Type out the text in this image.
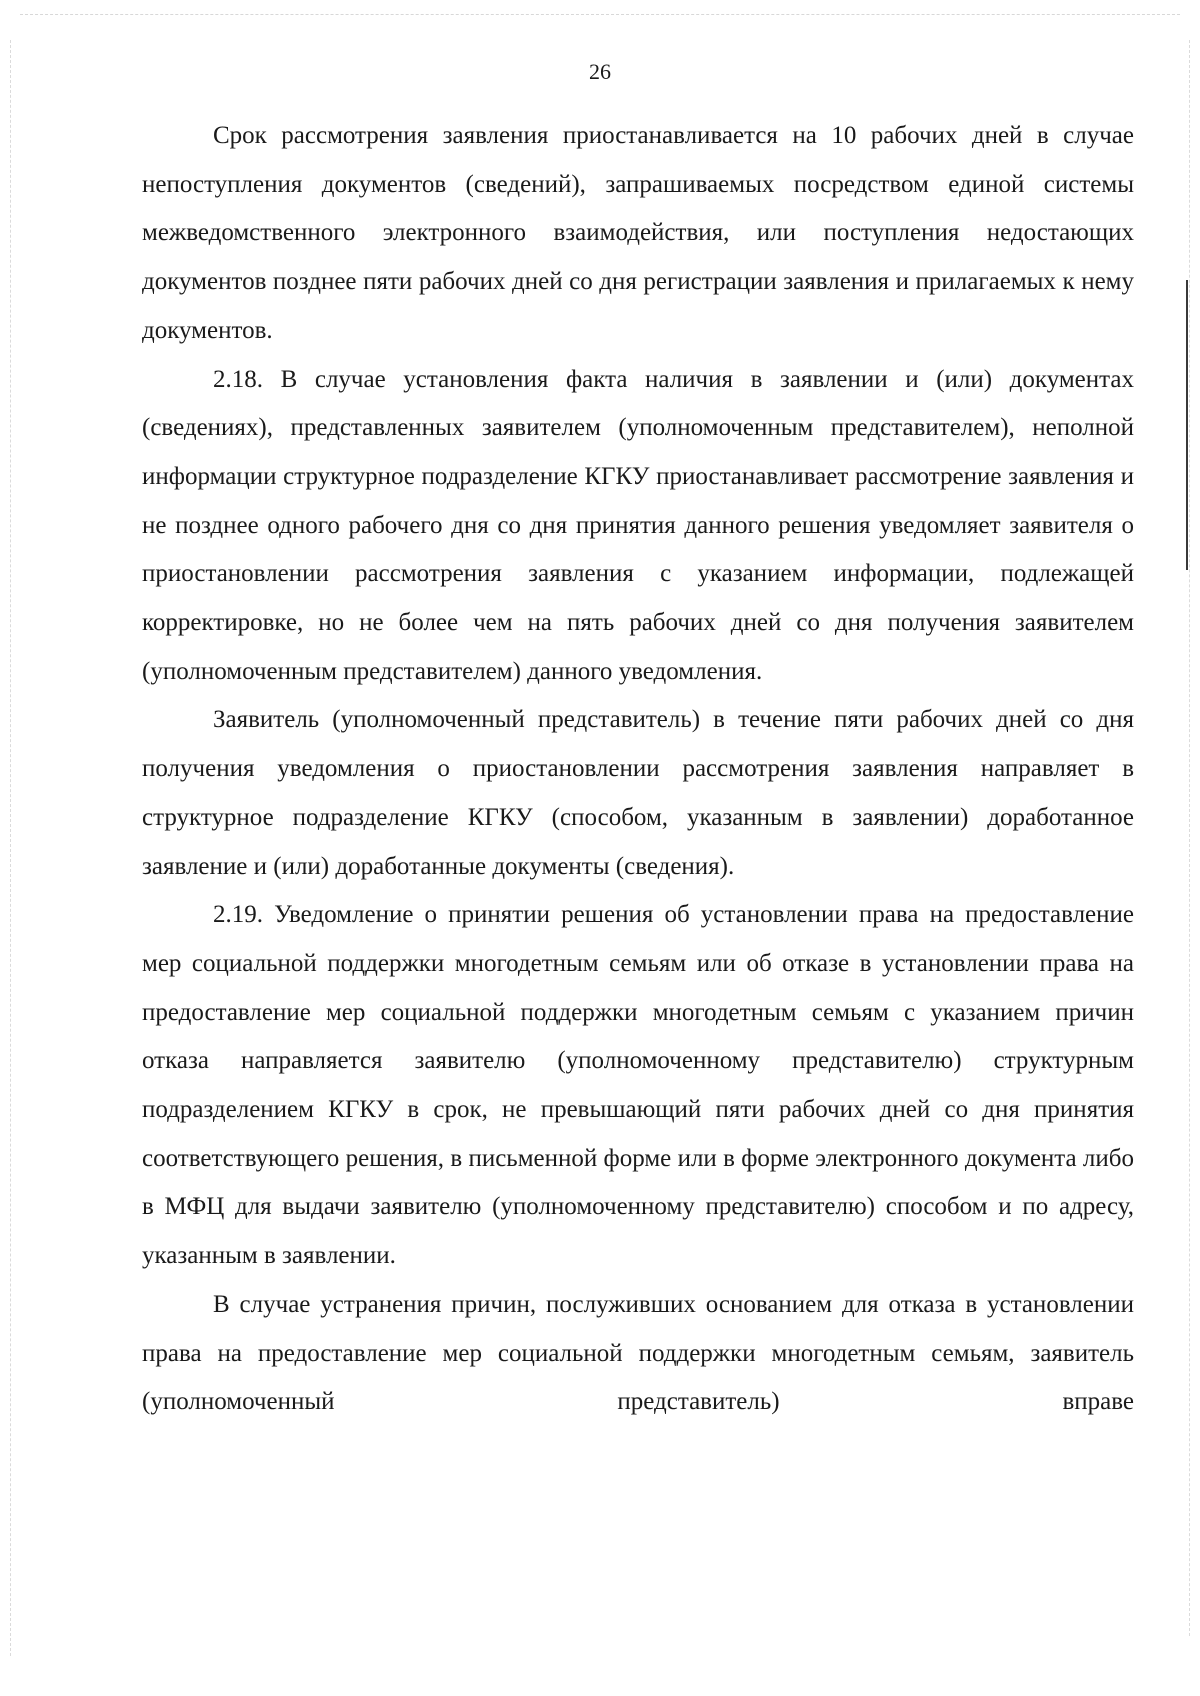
26

Срок рассмотрения заявления приостанавливается на 10 рабочих дней в случае непоступления документов (сведений), запрашиваемых посредством единой системы межведомственного электронного взаимодействия, или поступления недостающих документов позднее пяти рабочих дней со дня регистрации заявления и прилагаемых к нему документов.

2.18. В случае установления факта наличия в заявлении и (или) документах (сведениях), представленных заявителем (уполномоченным представителем), неполной информации структурное подразделение КГКУ приостанавливает рассмотрение заявления и не позднее одного рабочего дня со дня принятия данного решения уведомляет заявителя о приостановлении рассмотрения заявления с указанием информации, подлежащей корректировке, но не более чем на пять рабочих дней со дня получения заявителем (уполномоченным представителем) данного уведомления.

Заявитель (уполномоченный представитель) в течение пяти рабочих дней со дня получения уведомления о приостановлении рассмотрения заявления направляет в структурное подразделение КГКУ (способом, указанным в заявлении) доработанное заявление и (или) доработанные документы (сведения).

2.19. Уведомление о принятии решения об установлении права на предоставление мер социальной поддержки многодетным семьям или об отказе в установлении права на предоставление мер социальной поддержки многодетным семьям с указанием причин отказа направляется заявителю (уполномоченному представителю) структурным подразделением КГКУ в срок, не превышающий пяти рабочих дней со дня принятия соответствующего решения, в письменной форме или в форме электронного документа либо в МФЦ для выдачи заявителю (уполномоченному представителю) способом и по адресу, указанным в заявлении.

В случае устранения причин, послуживших основанием для отказа в установлении права на предоставление мер социальной поддержки многодетным семьям, заявитель (уполномоченный представитель) вправе
